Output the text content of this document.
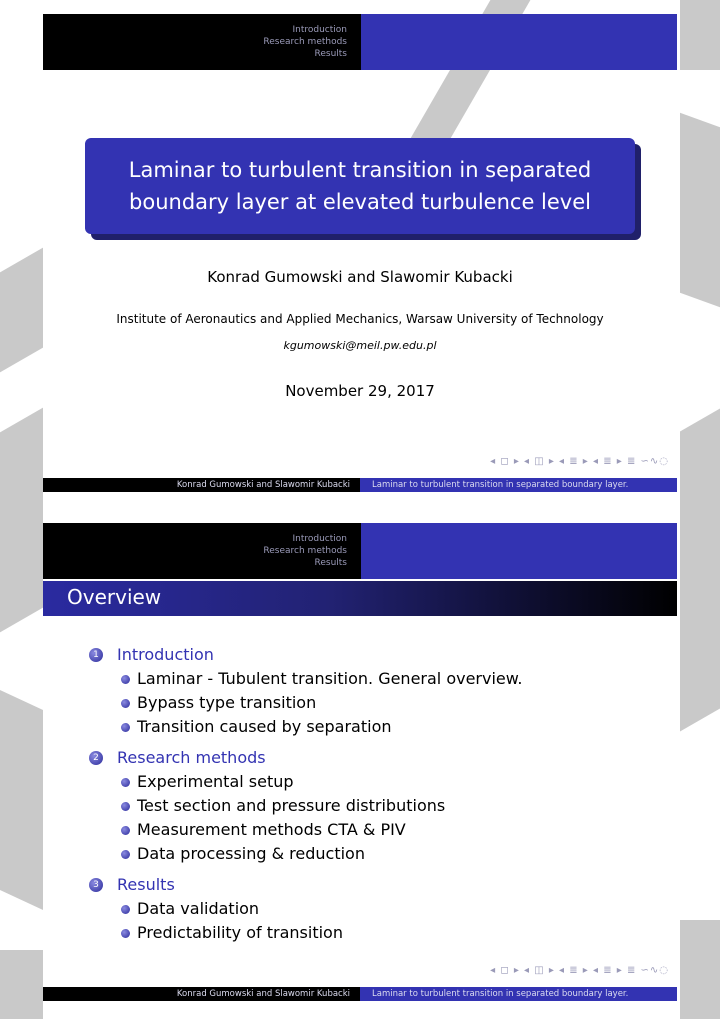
Introduction
Research methods
Results
Laminar to turbulent transition in separated boundary layer at elevated turbulence level
Konrad Gumowski and Slawomir Kubacki
Institute of Aeronautics and Applied Mechanics, Warsaw University of Technology
kgumowski@meil.pw.edu.pl
November 29, 2017
◂ ◻ ▸ ◂ ◫ ▸ ◂ ≣ ▸ ◂ ≣ ▸ ≣ ∽∿◌
Konrad Gumowski and Slawomir Kubacki	Laminar to turbulent transition in separated boundary layer.
Introduction
Research methods
Results
Overview
1 Introduction
Laminar - Tubulent transition. General overview.
Bypass type transition
Transition caused by separation
2 Research methods
Experimental setup
Test section and pressure distributions
Measurement methods CTA & PIV
Data processing & reduction
3 Results
Data validation
Predictability of transition
◂ ◻ ▸ ◂ ◫ ▸ ◂ ≣ ▸ ◂ ≣ ▸ ≣ ∽∿◌
Konrad Gumowski and Slawomir Kubacki	Laminar to turbulent transition in separated boundary layer.
